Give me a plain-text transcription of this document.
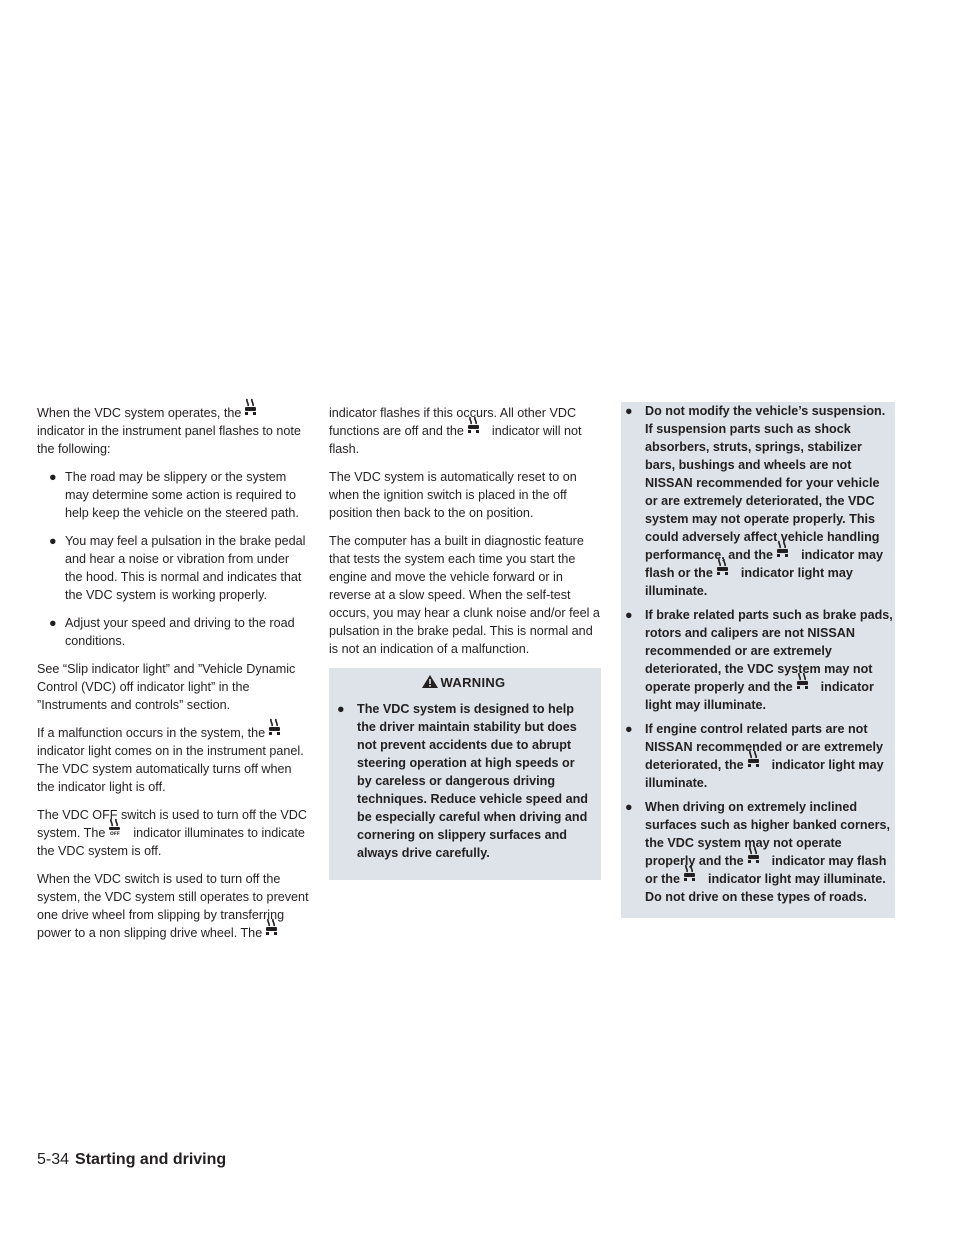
When the VDC system operates, the
indicator in the instrument panel flashes to note the following:

● The road may be slippery or the system may determine some action is required to help keep the vehicle on the steered path.
● You may feel a pulsation in the brake pedal and hear a noise or vibration from under the hood. This is normal and indicates that the VDC system is working properly.
● Adjust your speed and driving to the road conditions.

See “Slip indicator light” and ”Vehicle Dynamic Control (VDC) off indicator light” in the ”Instruments and controls” section.

If a malfunction occurs in the system, the
indicator light comes on in the instrument panel. The VDC system automatically turns off when the indicator light is off.

The VDC OFF switch is used to turn off the VDC system. The OFF indicator illuminates to indicate the VDC system is off.

When the VDC switch is used to turn off the system, the VDC system still operates to prevent one drive wheel from slipping by transferring power to a non slipping drive wheel. The

indicator flashes if this occurs. All other VDC functions are off and the indicator will not flash.

The VDC system is automatically reset to on when the ignition switch is placed in the off position then back to the on position.

The computer has a built in diagnostic feature that tests the system each time you start the engine and move the vehicle forward or in reverse at a slow speed. When the self-test occurs, you may hear a clunk noise and/or feel a pulsation in the brake pedal. This is normal and is not an indication of a malfunction.

WARNING
● The VDC system is designed to help the driver maintain stability but does not prevent accidents due to abrupt steering operation at high speeds or by careless or dangerous driving techniques. Reduce vehicle speed and be especially careful when driving and cornering on slippery surfaces and always drive carefully.
● Do not modify the vehicle’s suspension. If suspension parts such as shock absorbers, struts, springs, stabilizer bars, bushings and wheels are not NISSAN recommended for your vehicle or are extremely deteriorated, the VDC system may not operate properly. This could adversely affect vehicle handling performance, and the indicator may flash or the indicator light may illuminate.
● If brake related parts such as brake pads, rotors and calipers are not NISSAN recommended or are extremely deteriorated, the VDC system may not operate properly and the indicator light may illuminate.
● If engine control related parts are not NISSAN recommended or are extremely deteriorated, the indicator light may illuminate.
● When driving on extremely inclined surfaces such as higher banked corners, the VDC system may not operate properly and the indicator may flash or the indicator light may illuminate. Do not drive on these types of roads.
5-34 Starting and driving
